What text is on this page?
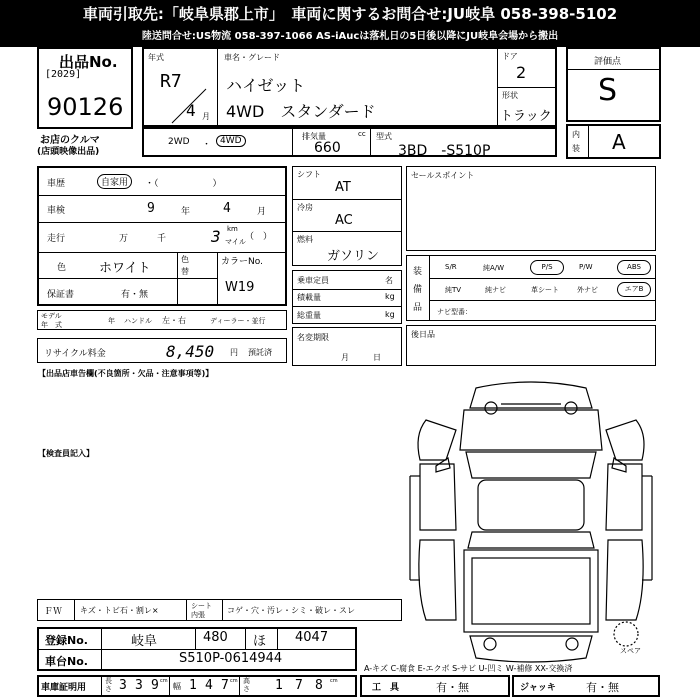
車両引取先:「岐阜県郡上市」　車両に関するお問合せ:JU岐阜 058-398-5102
陸送問合せ:US物流 058-397-1066 AS-iAucは落札日の5日後以降にJU岐阜会場から搬出
出品No.
[2029]
90126
お店のクルマ
(店頭映像出品)
年式
R7
4 月
車名・グレード
ハイゼット
4WD　スタンダード
ドア
2
形状
トラック
2WD ・ 4WD	排気量	cc
660
型式
3BD　-S510P
評価点
S
内
装 A
車歴	自家用	・（　　　　　　）
車検	9	年	4	月
走行	万	千	3 km
マイル （　）
色	ホワイト
色
替
カラーNo.
W19
保証書	有・無
モデル
年　式	年 ハンドル 左・右	ディーラー・並行
リサイクル料金	8,450 円 預託済
【出品店車告欄(不良箇所・欠品・注意事項等)】
【検査員記入】
シフト
AT
冷房
AC
燃料
ガソリン
乗車定員	名
積載量	kg
総重量	kg
名変期限
月	日
セールスポイント
装
備
品
S/R	純A/W	P/S	P/W	ABS
純TV	純ナビ	革シート	外ナビ	エアB
ナビ型番：
後日品
スペア
ＦＷ キズ・トビ石・割レ×	シート
内張	コゲ・穴・汚レ・シミ・破レ・スレ
登録No.	岐阜	480 ほ 4047
車台No.	S510P-0614944
A-キズ C-腐食 E-エクボ S-サビ U-凹ミ W-補修 XX-交換済
車庫証明用
長さ 3 3 9 cm
幅 1 4 7 cm 高さ 1 7 8 cm
工　具	有・無	ジャッキ	有・無
